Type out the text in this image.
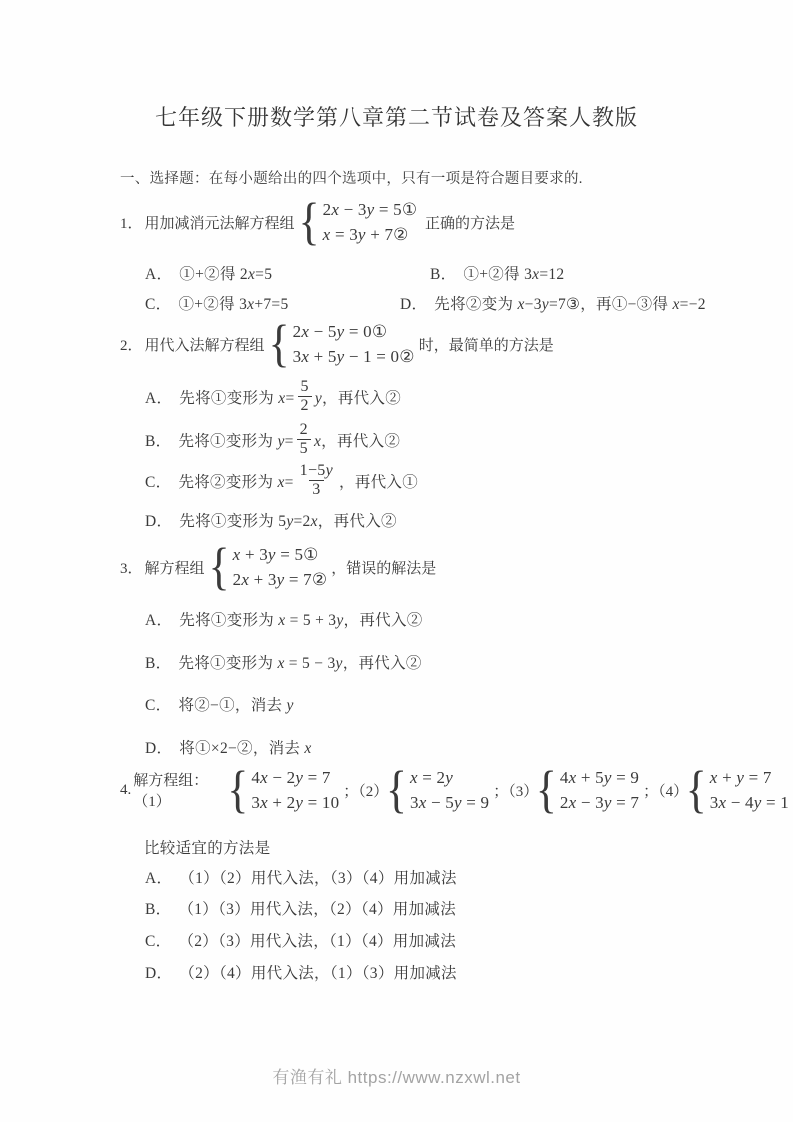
七年级下册数学第八章第二节试卷及答案人教版
一、选择题：在每小题给出的四个选项中，只有一项是符合题目要求的.
1． 用加减消元法解方程组 { 2x − 3y = 5①
x = 3y + 7②
正确的方法是
A． ①+②得 2x=5	B． ①+②得 3x=12
C． ①+②得 3x+7=5	D． 先将②变为 x−3y=7③，再①−③得 x=−2
2． 用代入法解方程组 { 2x − 5y = 0①
3x + 5y − 1 = 0②
时，最简单的方法是
A． 先将①变形为 $x= \frac{5}{2}$ y，再代入②
B． 先将①变形为 $y= \frac{2}{5}$ x，再代入②
C． 先将②变形为 $x= \frac{1-5y}{3}$ ，再代入①
D． 先将①变形为 5y=2x，再代入②
3． 解方程组 { x + 3y = 5①
2x + 3y = 7②
，错误的解法是
A． 先将①变形为 x = 5 + 3y，再代入②
B． 先将①变形为 x = 5 − 3y，再代入②
C． 将②−①，消去 y
D． 将①×2−②，消去 x
4.
解方程组：（1）	{ 4x − 2y = 7
3x + 2y = 10
；（2）
{ x = 2y
3x − 5y = 9
；（3）
{ 4x + 5y = 9
2x − 3y = 7
；（4）
{ x + y = 7
3x − 4y = 1
比较适宜的方法是
A． （1）（2）用代入法，（3）（4）用加减法
B． （1）（3）用代入法，（2）（4）用加减法
C． （2）（3）用代入法，（1）（4）用加减法
D． （2）（4）用代入法，（1）（3）用加减法
有渔有礼 https://www.nzxwl.net
